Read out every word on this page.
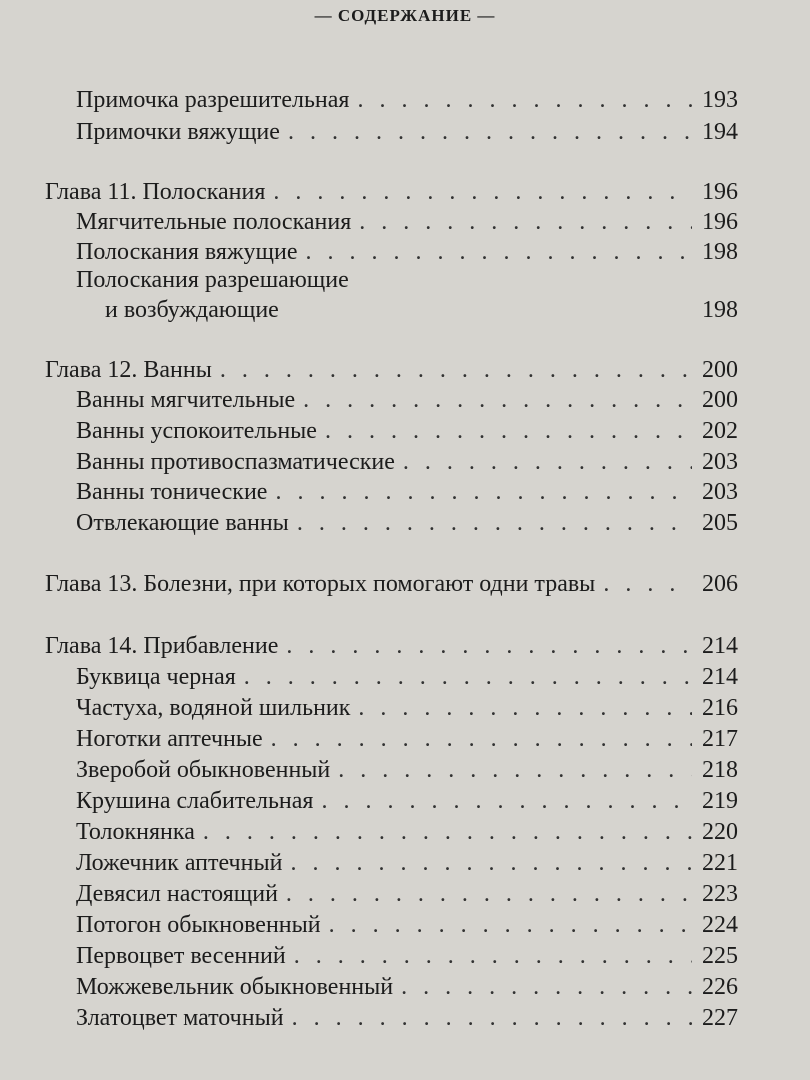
— СОДЕРЖАНИЕ —
Примочка разрешительная . . .	193
Примочки вяжущие . . .	194
Глава 11. Полоскания . . .	196
Мягчительные полоскания . . .	196
Полоскания вяжущие . . .	198
Полоскания разрешающие
и возбуждающие	198
Глава 12. Ванны . . .	200
Ванны мягчительные . . .	200
Ванны успокоительные . . .	202
Ванны противоспазматические . . .	203
Ванны тонические . . .	203
Отвлекающие ванны . . .	205
Глава 13. Болезни, при которых помогают одни травы . . .	206
Глава 14. Прибавление . . .	214
Буквица черная . . .	214
Частуха, водяной шильник . . .	216
Ноготки аптечные . . .	217
Зверобой обыкновенный . . .	218
Крушина слабительная . . .	219
Толокнянка . . .	220
Ложечник аптечный . . .	221
Девясил настоящий . . .	223
Потогон обыкновенный . . .	224
Первоцвет весенний . . .	225
Можжевельник обыкновенный . . .	226
Златоцвет маточный . . .	227
